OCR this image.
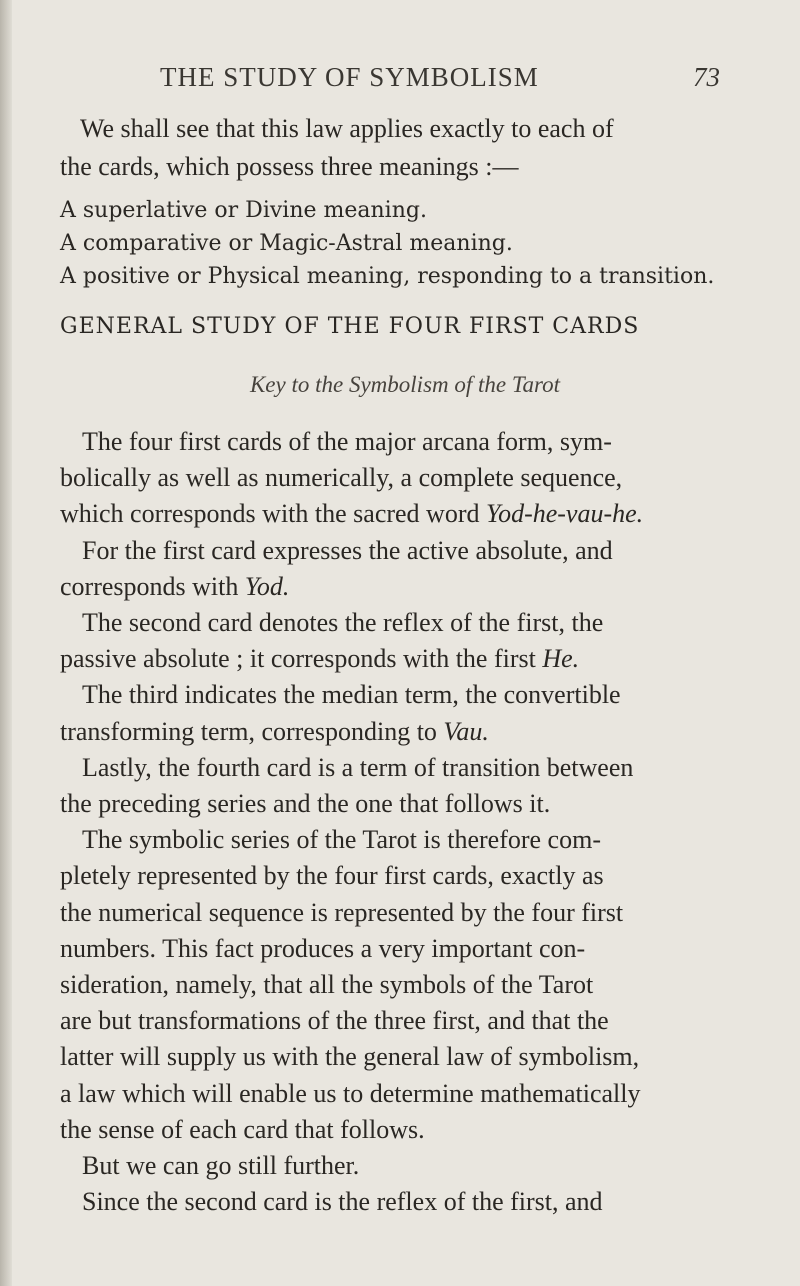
THE STUDY OF SYMBOLISM	73

We shall see that this law applies exactly to each of
the cards, which possess three meanings :—

A superlative or Divine meaning.
A comparative or Magic-Astral meaning.
A positive or Physical meaning, responding to a transition.
GENERAL STUDY OF THE FOUR FIRST CARDS
Key to the Symbolism of the Tarot
The four first cards of the major arcana form, sym-
bolically as well as numerically, a complete sequence,
which corresponds with the sacred word Yod-he-vau-he.
For the first card expresses the active absolute, and
corresponds with Yod.
The second card denotes the reflex of the first, the
passive absolute ; it corresponds with the first He.
The third indicates the median term, the convertible
transforming term, corresponding to Vau.
Lastly, the fourth card is a term of transition between
the preceding series and the one that follows it.
The symbolic series of the Tarot is therefore com-
pletely represented by the four first cards, exactly as
the numerical sequence is represented by the four first
numbers. This fact produces a very important con-
sideration, namely, that all the symbols of the Tarot
are but transformations of the three first, and that the
latter will supply us with the general law of symbolism,
a law which will enable us to determine mathematically
the sense of each card that follows.
But we can go still further.
Since the second card is the reflex of the first, and
